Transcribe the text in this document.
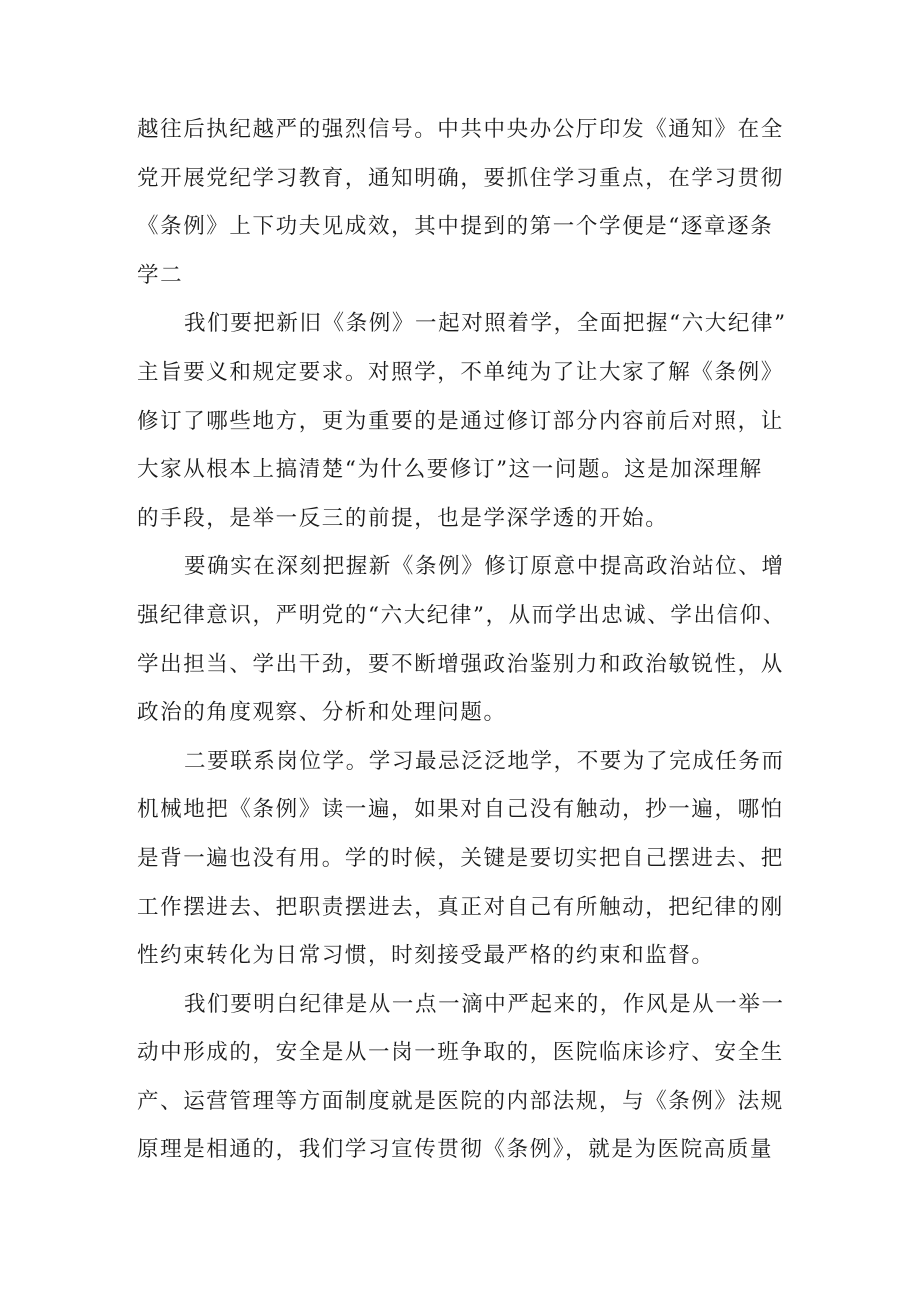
越往后执纪越严的强烈信号。中共中央办公厅印发《通知》在全
党开展党纪学习教育，通知明确，要抓住学习重点，在学习贯彻
《条例》上下功夫见成效，其中提到的第一个学便是“逐章逐条
学二

我们要把新旧《条例》一起对照着学，全面把握“六大纪律”
主旨要义和规定要求。对照学，不单纯为了让大家了解《条例》
修订了哪些地方，更为重要的是通过修订部分内容前后对照，让
大家从根本上搞清楚“为什么要修订”这一问题。这是加深理解
的手段，是举一反三的前提，也是学深学透的开始。

要确实在深刻把握新《条例》修订原意中提高政治站位、增
强纪律意识，严明党的“六大纪律”，从而学出忠诚、学出信仰、
学出担当、学出干劲，要不断增强政治鉴别力和政治敏锐性，从
政治的角度观察、分析和处理问题。

二要联系岗位学。学习最忌泛泛地学，不要为了完成任务而
机械地把《条例》读一遍，如果对自己没有触动，抄一遍，哪怕
是背一遍也没有用。学的时候，关键是要切实把自己摆进去、把
工作摆进去、把职责摆进去，真正对自己有所触动，把纪律的刚
性约束转化为日常习惯，时刻接受最严格的约束和监督。

我们要明白纪律是从一点一滴中严起来的，作风是从一举一
动中形成的，安全是从一岗一班争取的，医院临床诊疗、安全生
产、运营管理等方面制度就是医院的内部法规，与《条例》法规
原理是相通的，我们学习宣传贯彻《条例》，就是为医院高质量
